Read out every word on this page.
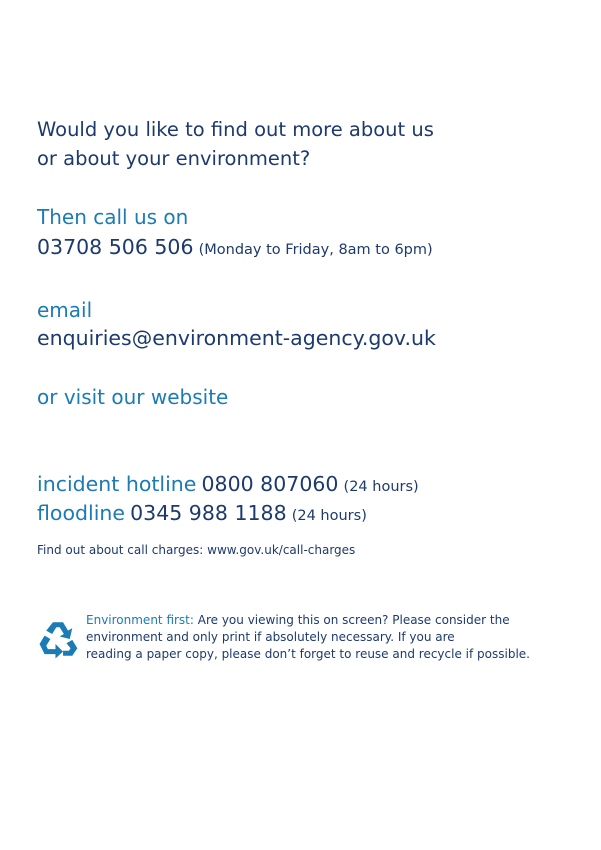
Would you like to find out more about us
or about your environment?
Then call us on
03708 506 506 (Monday to Friday, 8am to 6pm)
email
enquiries@environment-agency.gov.uk
or visit our website
incident hotline 0800 807060 (24 hours)
floodline 0345 988 1188 (24 hours)
Find out about call charges: www.gov.uk/call-charges
Environment first: Are you viewing this on screen? Please consider the
environment and only print if absolutely necessary. If you are
reading a paper copy, please don’t forget to reuse and recycle if possible.
